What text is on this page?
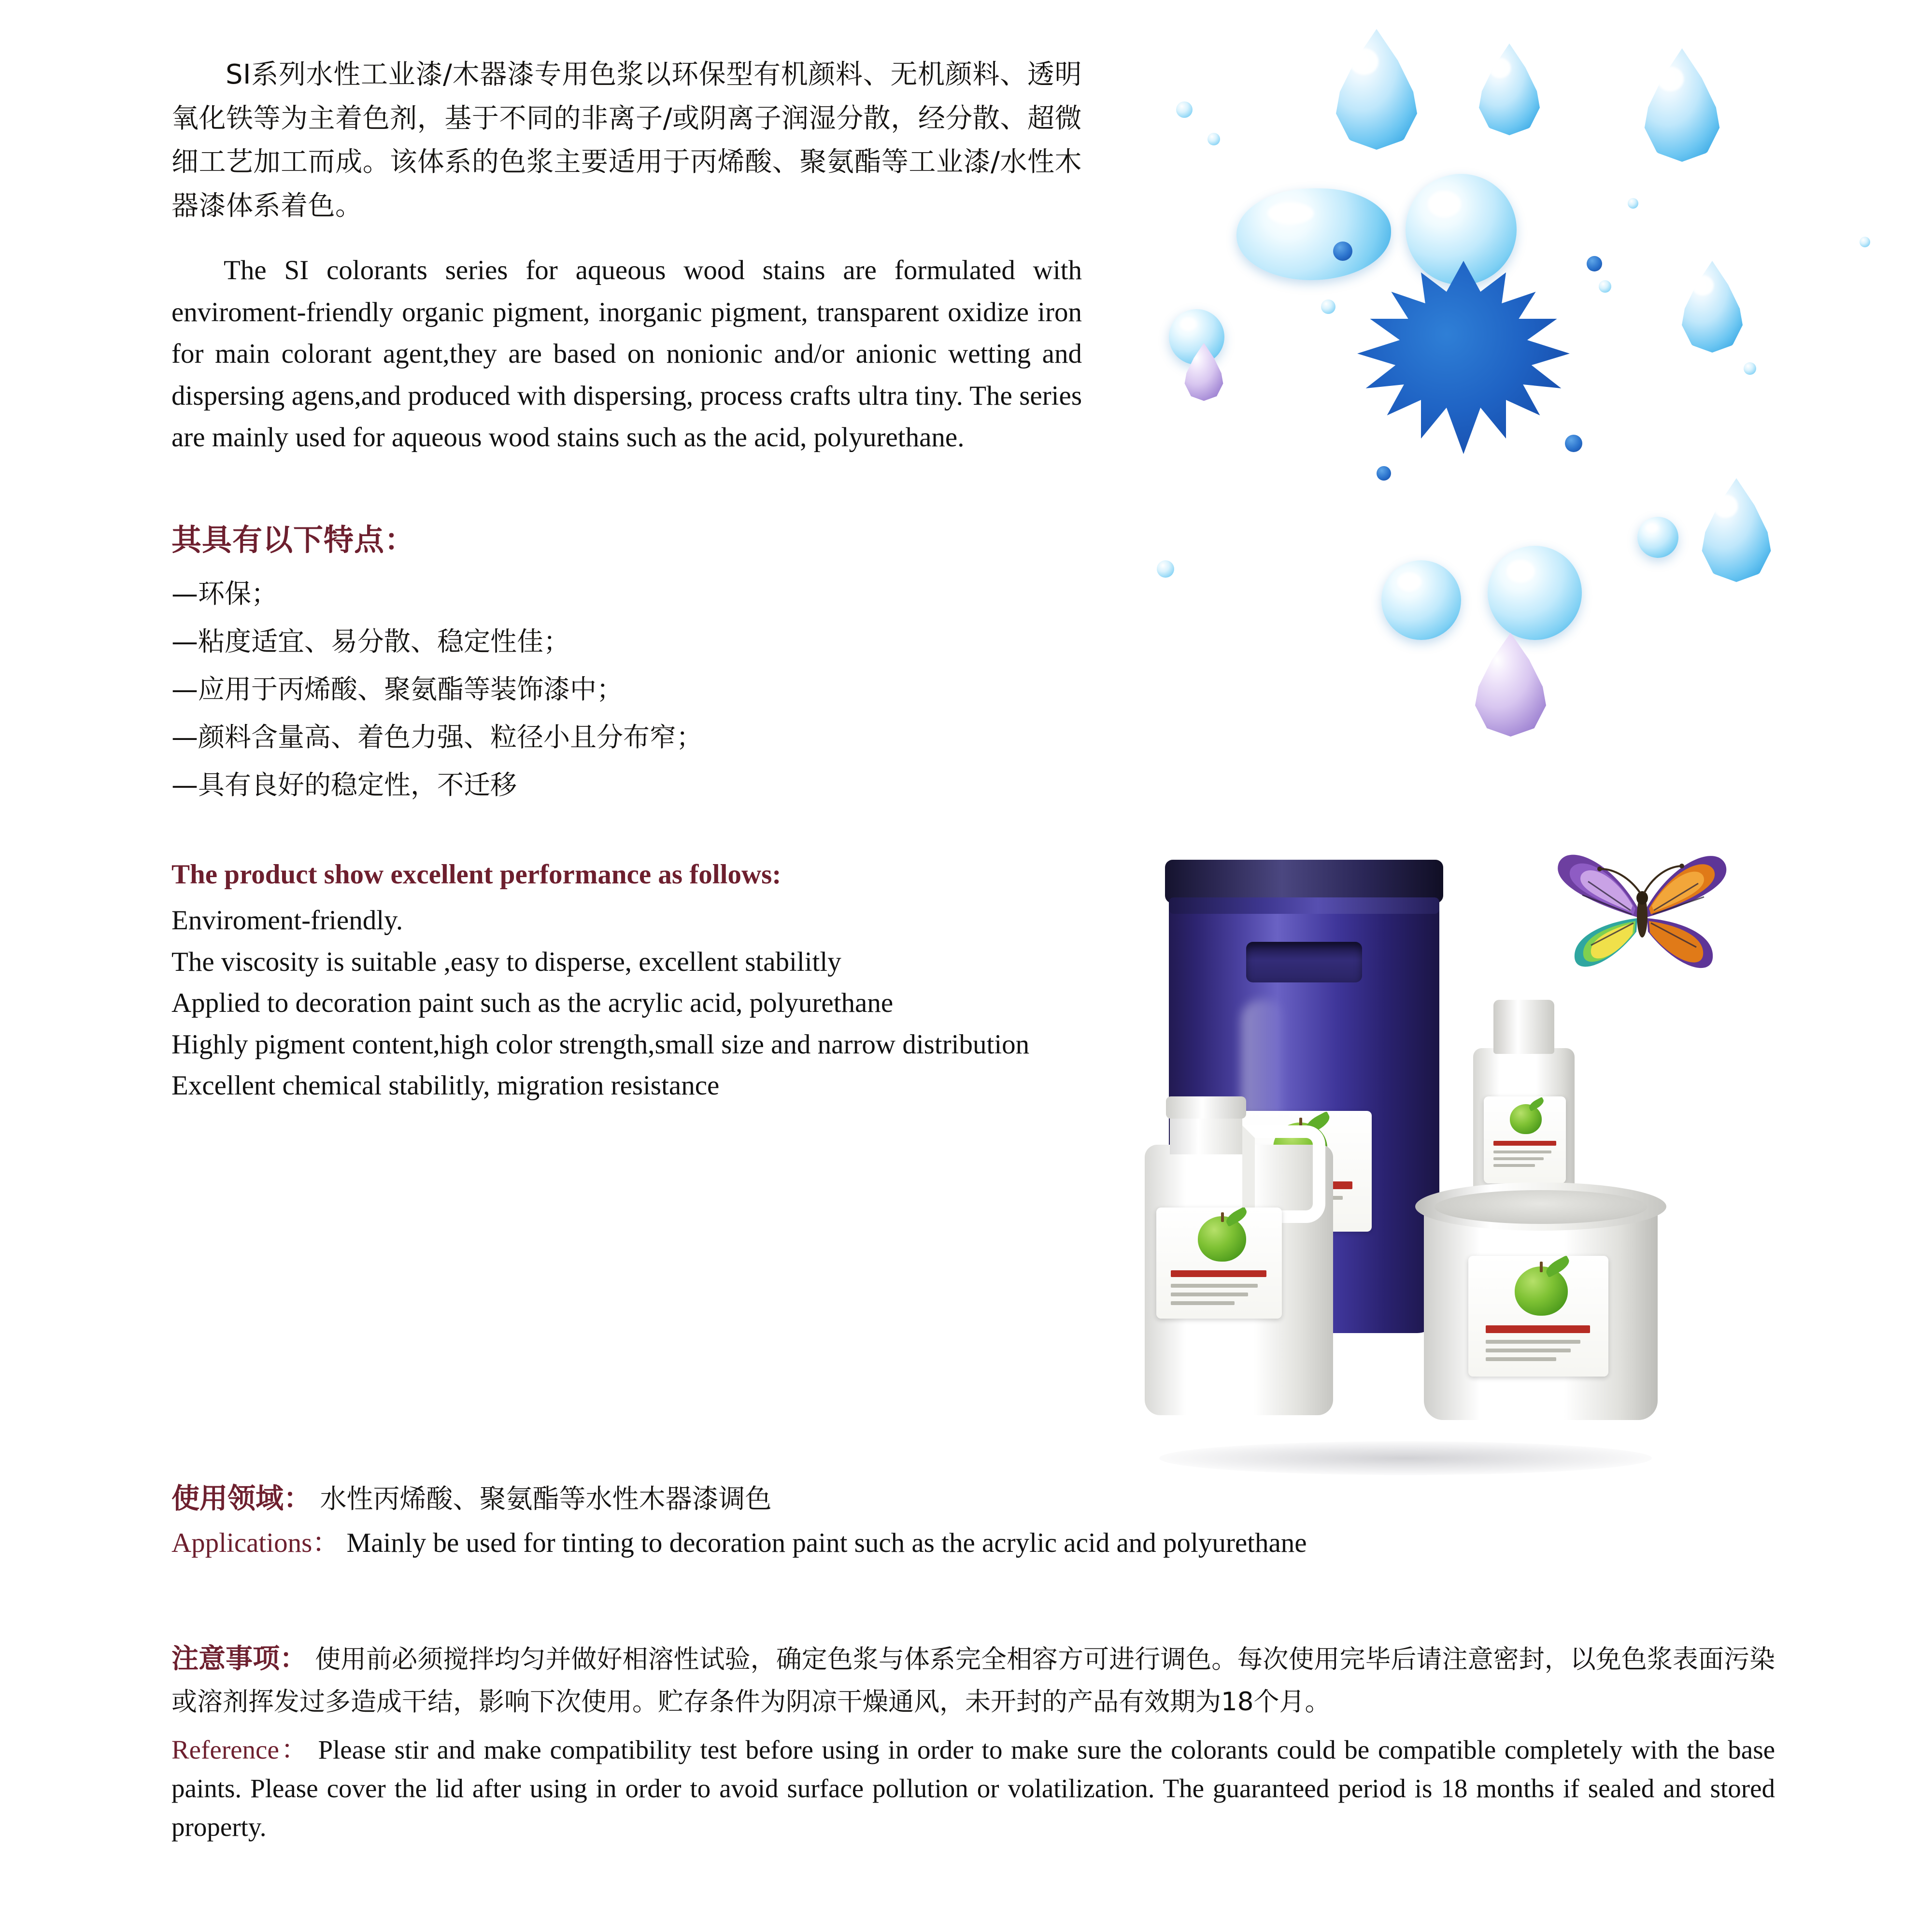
SI系列水性工业漆/木器漆专用色浆以环保型有机颜料、无机颜料、透明氧化铁等为主着色剂，基于不同的非离子/或阴离子润湿分散，经分散、超微细工艺加工而成。该体系的色浆主要适用于丙烯酸、聚氨酯等工业漆/水性木器漆体系着色。

The SI colorants series for aqueous wood stains are formulated with enviroment-friendly organic pigment, inorganic pigment, transparent oxidize iron for main colorant agent,they are based on nonionic and/or anionic wetting and dispersing agens,and produced with dispersing, process crafts ultra tiny. The series are mainly used for aqueous wood stains such as the acid, polyurethane.

其具有以下特点：
—环保；
—粘度适宜、易分散、稳定性佳；
—应用于丙烯酸、聚氨酯等装饰漆中；
—颜料含量高、着色力强、粒径小且分布窄；
—具有良好的稳定性，不迁移
The product show excellent performance as follows:
Enviroment-friendly.
The viscosity is suitable ,easy to disperse, excellent stabilitly
Applied to decoration paint such as the acrylic acid, polyurethane
Highly pigment content,high color strength,small size and narrow distribution
Excellent chemical stabilitly, migration resistance
使用领域： 水性丙烯酸、聚氨酯等水性木器漆调色
Applications： Mainly be used for tinting to decoration paint such as the acrylic acid and polyurethane
注意事项： 使用前必须搅拌均匀并做好相溶性试验，确定色浆与体系完全相容方可进行调色。每次使用完毕后请注意密封，以免色浆表面污染或溶剂挥发过多造成干结，影响下次使用。贮存条件为阴凉干燥通风，未开封的产品有效期为18个月。
Reference： Please stir and make compatibility test before using in order to make sure the colorants could be compatible completely with the base paints. Please cover the lid after using in order to avoid surface pollution or volatilization. The guaranteed period is 18 months if sealed and stored property.
